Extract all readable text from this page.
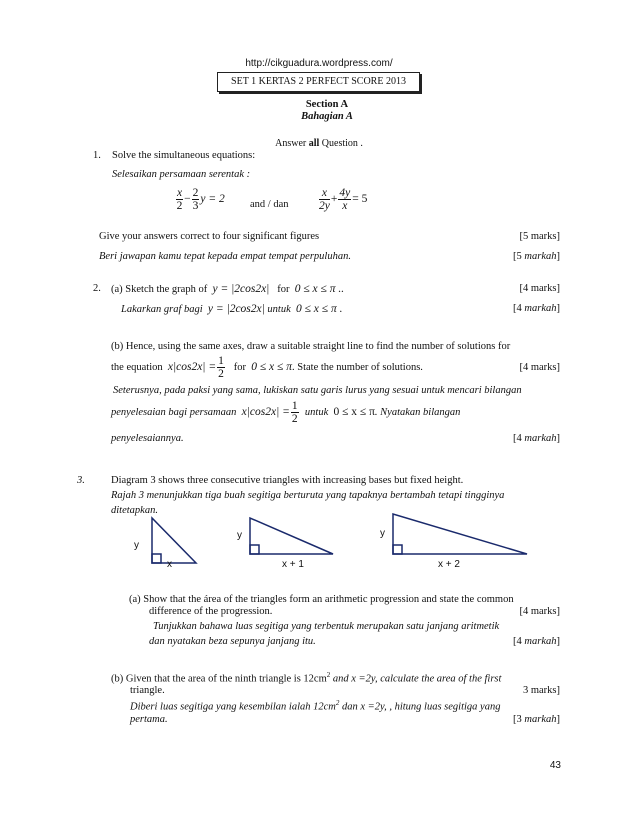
http://cikguadura.wordpress.com/
SET 1 KERTAS 2 PERFECT SCORE 2013
Section A
Bahagian A
Answer all Question .
1. Solve the simultaneous equations:
Selesaikan persamaan serentak :
$\frac{x}{2} - \frac{2}{3}$ y = 2 and / dan	$\frac{x}{2y} + \frac{4y}{x} = 5$
Give your answers correct to four significant figures	[5 marks]
Beri jawapan kamu tepat kepada empat tempat perpuluhan.	[5 markah]
2. (a) Sketch the graph of y = |2cos2x| for 0 ≤ x ≤ π ..	[4 marks]
Lakarkan graf bagi y = |2cos2x| untuk 0 ≤ x ≤ π .	[4 markah]
(b) Hence, using the same axes, draw a suitable straight line to find the number of solutions for
the equation $x|\cos 2x| = \frac{1}{2}$ for 0 ≤ x ≤ π. State the number of solutions.	[4 marks]
Seterusnya, pada paksi yang sama, lukiskan satu garis lurus yang sesuai untuk mencari bilangan
penyelesaian bagi persamaan $x|\cos 2x| = \frac{1}{2}$ untuk 0 ≤ x ≤ π. Nyatakan bilangan
penyelesaiannya.	[4 markah]
3. Diagram 3 shows three consecutive triangles with increasing bases but fixed height.
Rajah 3 menunjukkan tiga buah segitiga berturuta yang tapaknya bertambah tetapi tingginya
ditetapkan.
y
x
y
x + 1
y
x + 2
(a) Show that the área of the triangles form an arithmetic progression and state the common
difference of the progression.	[4 marks]
Tunjukkan bahawa luas segitiga yang terbentuk merupakan satu janjang aritmetik
dan nyatakan beza sepunya janjang itu.	[4 markah]
(b) Given that the area of the ninth triangle is $12cm^2$ and x =2y, calculate the area of the first
triangle.	3 marks]
Diberi luas segitiga yang kesembilan ialah $12cm^2$ dan x =2y, , hitung luas segitiga yang
pertama.	[3 markah]
43
